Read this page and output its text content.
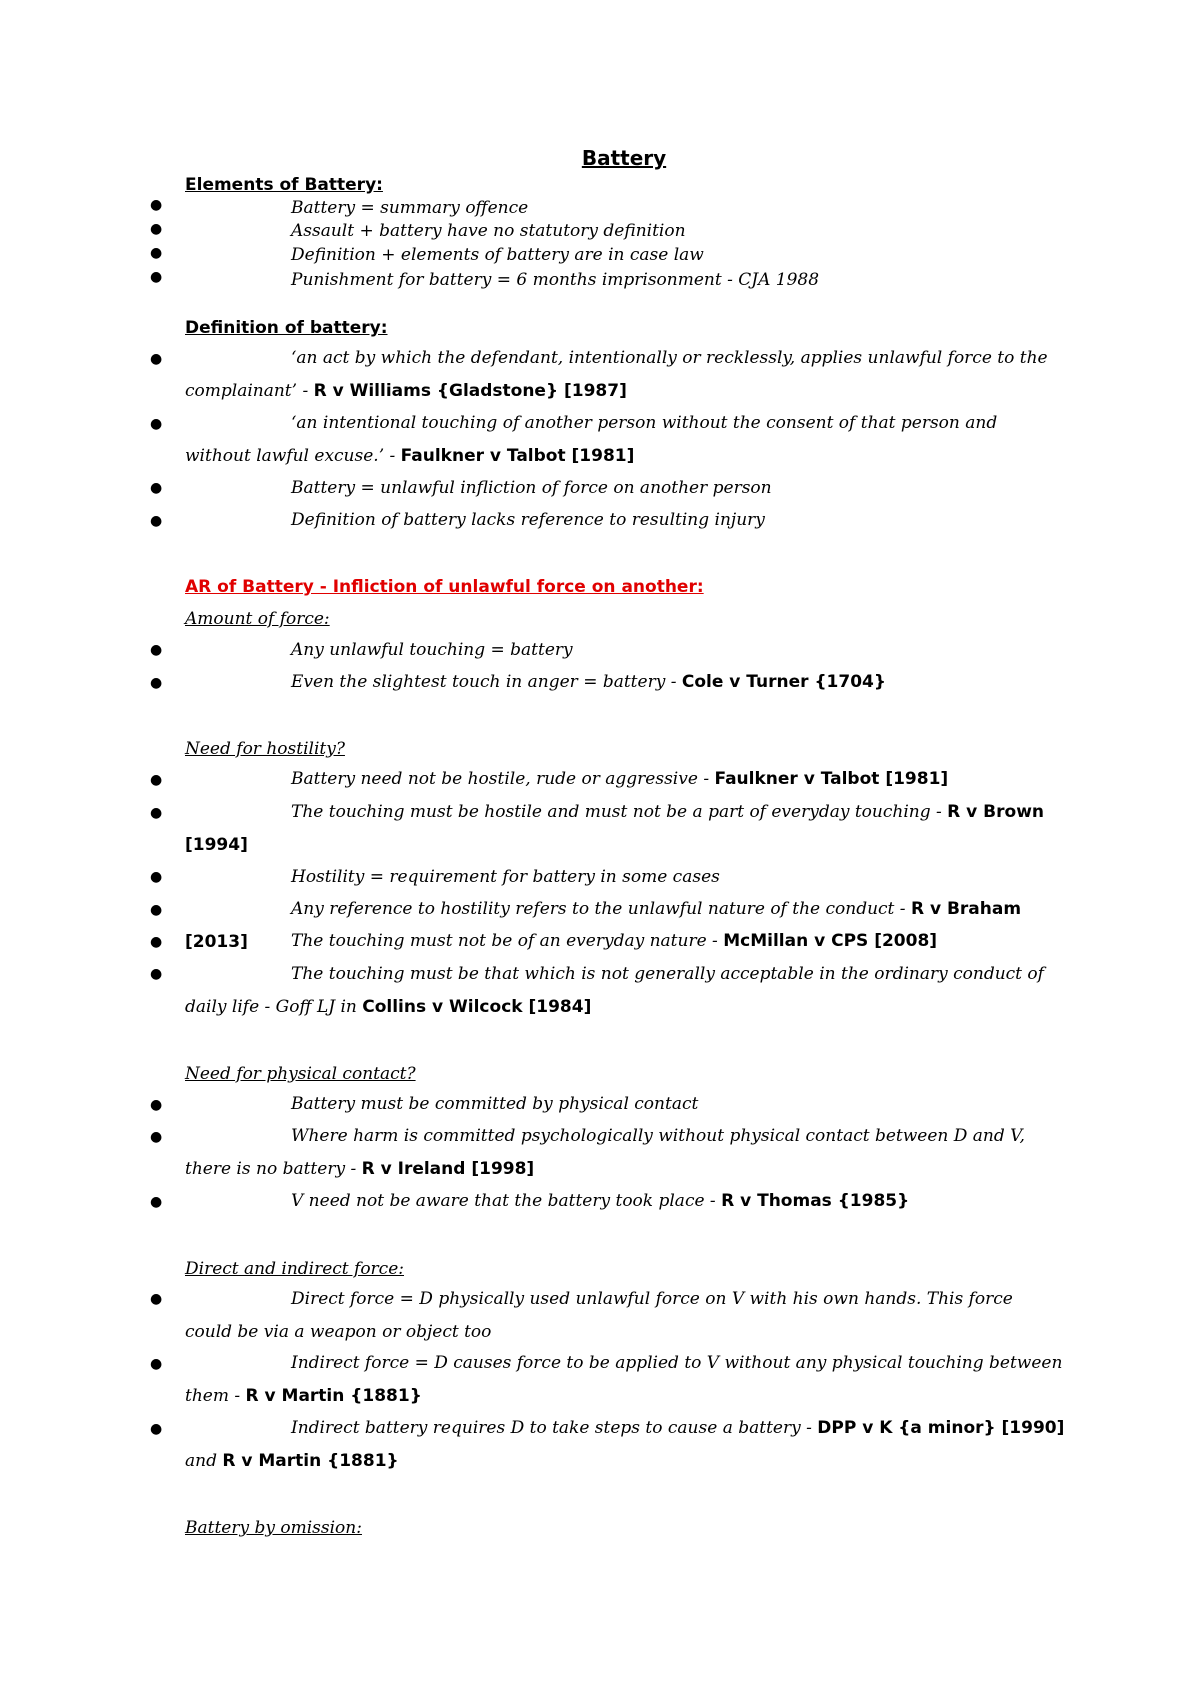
Battery
Elements of Battery:
●	Battery = summary offence
●	Assault + battery have no statutory definition
●	Definition + elements of battery are in case law
●	Punishment for battery = 6 months imprisonment - CJA 1988
Definition of battery:
●	‘an act by which the defendant, intentionally or recklessly, applies unlawful force to the complainant’ - R v Williams {Gladstone} [1987]
●	‘an intentional touching of another person without the consent of that person and without lawful excuse.’ - Faulkner v Talbot [1981]
●	Battery = unlawful infliction of force on another person
●	Definition of battery lacks reference to resulting injury
AR of Battery - Infliction of unlawful force on another:
Amount of force:
●	Any unlawful touching = battery
●	Even the slightest touch in anger = battery - Cole v Turner {1704}
Need for hostility?
●	Battery need not be hostile, rude or aggressive - Faulkner v Talbot [1981]
●	The touching must be hostile and must not be a part of everyday touching - R v Brown [1994]
●	Hostility = requirement for battery in some cases
●	Any reference to hostility refers to the unlawful nature of the conduct - R v Braham [2013]
●	The touching must not be of an everyday nature - McMillan v CPS [2008]
●	The touching must be that which is not generally acceptable in the ordinary conduct of daily life - Goff LJ in Collins v Wilcock [1984]
Need for physical contact?
●	Battery must be committed by physical contact
●	Where harm is committed psychologically without physical contact between D and V, there is no battery - R v Ireland [1998]
●	V need not be aware that the battery took place - R v Thomas {1985}
Direct and indirect force:
●	Direct force = D physically used unlawful force on V with his own hands. This force could be via a weapon or object too
●	Indirect force = D causes force to be applied to V without any physical touching between them - R v Martin {1881}
●	Indirect battery requires D to take steps to cause a battery - DPP v K {a minor} [1990] and R v Martin {1881}
Battery by omission:
